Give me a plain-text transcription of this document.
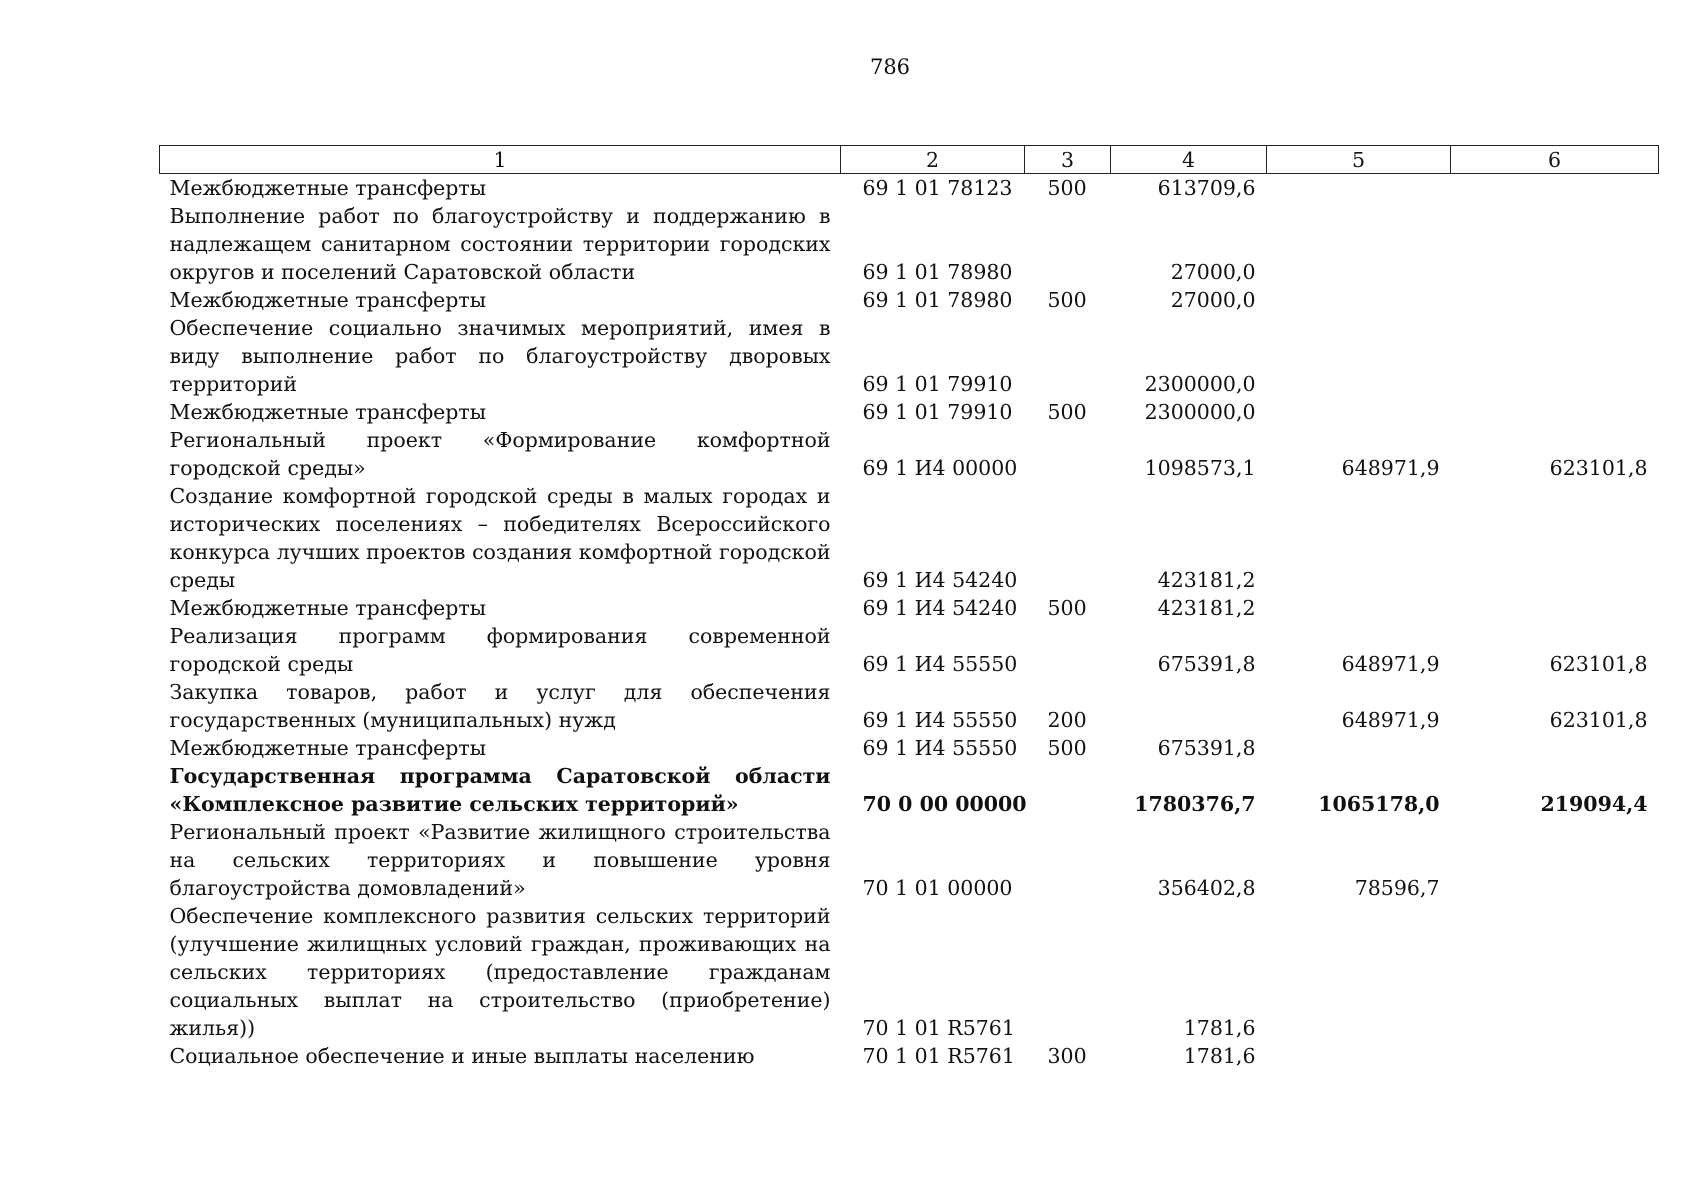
786
1	2	3	4	5	6
Межбюджетные трансферты	69 1 01 78123	500	613709,6		
Выполнение работ по благоустройству и поддержанию в надлежащем санитарном состоянии территории городских округов и поселений Саратовской области	69 1 01 78980		27000,0		
Межбюджетные трансферты	69 1 01 78980	500	27000,0		
Обеспечение социально значимых мероприятий, имея в виду выполнение работ по благоустройству дворовых территорий	69 1 01 79910		2300000,0		
Межбюджетные трансферты	69 1 01 79910	500	2300000,0		
Региональный проект «Формирование комфортной городской среды»	69 1 И4 00000		1098573,1	648971,9	623101,8
Создание комфортной городской среды в малых городах и исторических поселениях – победителях Всероссийского конкурса лучших проектов создания комфортной городской среды	69 1 И4 54240		423181,2		
Межбюджетные трансферты	69 1 И4 54240	500	423181,2		
Реализация программ формирования современной городской среды	69 1 И4 55550		675391,8	648971,9	623101,8
Закупка товаров, работ и услуг для обеспечения государственных (муниципальных) нужд	69 1 И4 55550	200		648971,9	623101,8
Межбюджетные трансферты	69 1 И4 55550	500	675391,8		
Государственная программа Саратовской области «Комплексное развитие сельских территорий»	70 0 00 00000		1780376,7	1065178,0	219094,4
Региональный проект «Развитие жилищного строительства на сельских территориях и повышение уровня благоустройства домовладений»	70 1 01 00000		356402,8	78596,7	
Обеспечение комплексного развития сельских территорий (улучшение жилищных условий граждан, проживающих на сельских территориях (предоставление гражданам социальных выплат на строительство (приобретение) жилья))	70 1 01 R5761		1781,6		
Социальное обеспечение и иные выплаты населению	70 1 01 R5761	300	1781,6		
